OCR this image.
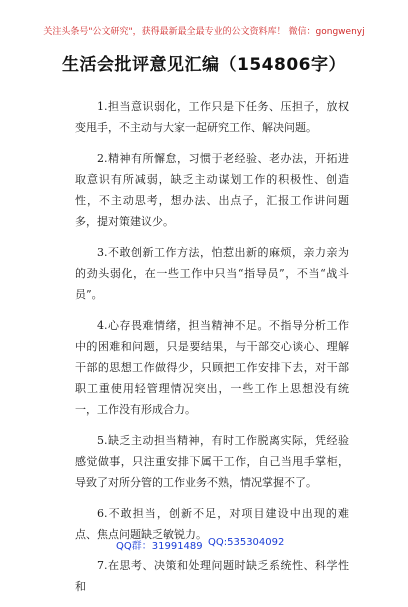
关注头条号"公文研究"，获得最新最全最专业的公文资料库！ 微信：gongwenyj
生活会批评意见汇编（154806字）

1.担当意识弱化，工作只是下任务、压担子，放权变甩手，不主动与大家一起研究工作、解决问题。

2.精神有所懈怠，习惯于老经验、老办法，开拓进取意识有所减弱，缺乏主动谋划工作的积极性、创造性，不主动思考，想办法、出点子，汇报工作讲问题多，提对策建议少。

3.不敢创新工作方法，怕惹出新的麻烦，亲力亲为的劲头弱化，在一些工作中只当“指导员”，不当“战斗员”。

4.心存畏难情绪，担当精神不足。不指导分析工作中的困难和问题，只是要结果，与干部交心谈心、理解干部的思想工作做得少，只顾把工作安排下去，对干部职工重使用轻管理情况突出，一些工作上思想没有统一，工作没有形成合力。

5.缺乏主动担当精神，有时工作脱离实际，凭经验感觉做事，只注重安排下属干工作，自己当甩手掌柜，导致了对所分管的工作业务不熟，情况掌握不了。

6.不敢担当，创新不足，对项目建设中出现的难点、焦点问题缺乏敏锐力。

7.在思考、决策和处理问题时缺乏系统性、科学性和

QQ群：31991489 QQ:535304092
